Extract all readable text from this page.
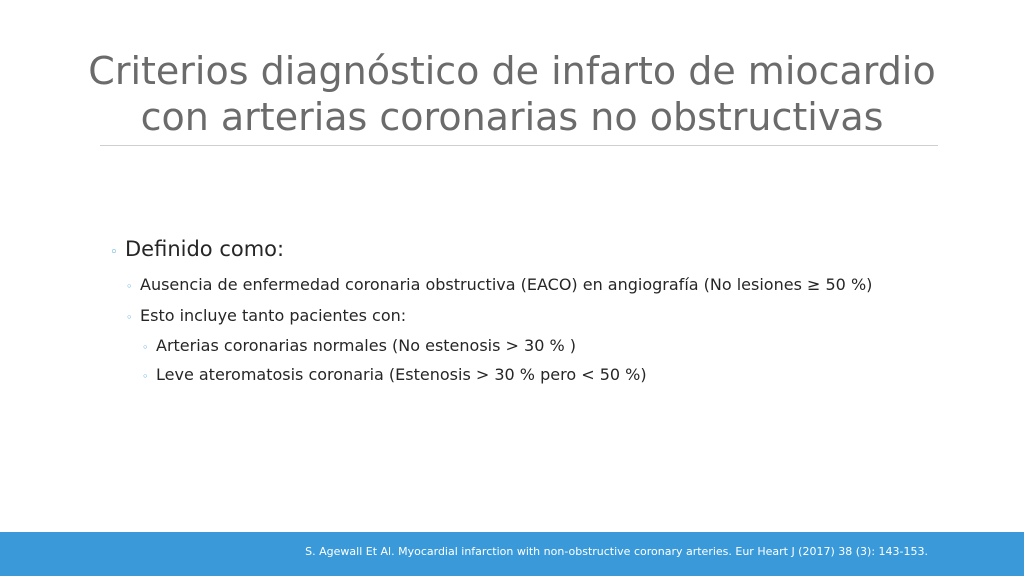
Criterios diagnóstico de infarto de miocardio
con arterias coronarias no obstructivas
◦ Definido como:
◦ Ausencia de enfermedad coronaria obstructiva (EACO) en angiografía (No lesiones ≥ 50 %)
◦ Esto incluye tanto pacientes con:
◦ Arterias coronarias normales (No estenosis > 30 % )
◦ Leve ateromatosis coronaria (Estenosis > 30 % pero < 50 %)
S. Agewall Et Al. Myocardial infarction with non-obstructive coronary arteries. Eur Heart J (2017) 38 (3): 143-153.
